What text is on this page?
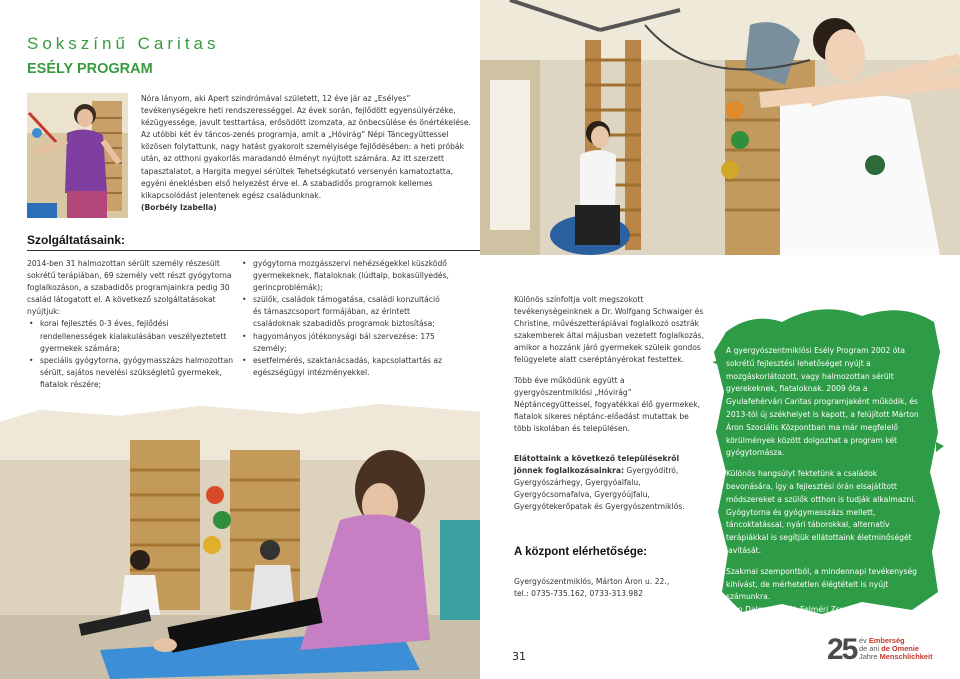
Sokszínű Caritas
ESÉLY PROGRAM

Nóra lányom, aki Apert szindrómával született, 12 éve jár az „Esélyes” tevékenységekre heti rendszerességgel. Az évek során, fejlődött egyensúlyérzéke, kézügyessége, javult testtartása, erősödött izomzata, az önbecsülése és önértékelése. Az utóbbi két év táncos-zenés programja, amit a „Hóvirág” Népi Táncegyüttessel közösen folytattunk, nagy hatást gyakorolt személyisége fejlődésében: a heti próbák után, az otthoni gyakorlás maradandó élményt nyújtott számára. Az itt szerzett tapasztalatot, a Hargita megyei sérültek Tehetségkutató versenyén kamatoztatta, egyéni éneklésben első helyezést érve el. A szabadidős programok kellemes kikapcsolódást jelentenek egész családunknak.

(Borbély Izabella)

Szolgáltatásaink:

2014-ben 31 halmozottan sérült személy részesült sokrétű terápiában, 69 személy vett részt gyógytorna foglalkozáson, a szabadidős programjainkra pedig 30 család látogatott el. A következő szolgáltatásokat nyújtjuk:

• korai fejlesztés 0-3 éves, fejlődési rendellenességek kialakulásában veszélyeztetett gyermekek számára;
• speciális gyógytorna, gyógymasszázs halmozottan sérült, sajátos nevelési szükségletű gyermekek, fiatalok részére;
• gyógytorna mozgásszervi nehézségekkel küszködő gyermekeknek, fiataloknak (lúdtalp, bokasüllyedés, gerincproblémák);
• szülők, családok támogatása, családi konzultáció és támaszcsoport formájában, az érintett családoknak szabadidős programok biztosítása;
• hagyományos jótékonysági bál szervezése: 175 személy;
• esetfelmérés, szaktanácsadás, kapcsolattartás az egészségügyi intézményekkel.

Különös színfoltja volt megszokott tevékenységeinknek a Dr. Wolfgang Schwaiger és Christine, művészetterápiával foglalkozó osztrák szakemberek által májusban vezetett foglalkozás, amikor a hozzánk járó gyermekek szüleik gondos felügyelete alatt cseréptányérokat festettek.

Több éve működünk együtt a gyergyószentmiklósi „Hóvirág” Néptáncegyüttessel, fogyatékkal élő gyermekek, fiatalok sikeres néptánc-előadást mutattak be több iskolában és településen.

Elátottaink a következő településekről jönnek foglalkozásainkra: Gyergyóditró, Gyergyószárhegy, Gyergyóalfalu, Gyergyócsomafalva, Gyergyóújfalu, Gyergyótekerőpatak és Gyergyószentmiklós.

A központ elérhetősége:
Gyergyószentmiklós, Márton Áron u. 22.,
tel.: 0735-735.162, 0733-313.982
31

A gyergyószentmiklósi Esély Program 2002 óta sokrétű fejlesztési lehetőséget nyújt a mozgáskorlátozott, vagy halmozottan sérült gyerekeknek, fiataloknak. 2009 óta a Gyulafehérvári Caritas programjaként működik, és 2013-tól új székhelyet is kapott, a felújított Márton Áron Szociális Központban ma már megfelelő körülmények között dolgozhat a program két gyógytornásza.

Különös hangsúlyt fektetünk a családok bevonására, így a fejlesztési órán elsajátított módszereket a szülők otthon is tudják alkalmazni. Gyógytorna és gyógymasszázs mellett, táncoktatással, nyári táborokkal, alternatív terápiákkal is segítjük ellátottaink életminőségét javítását.

Szakmai szempontból, a mindennapi tevékenység kihívást, de mérhetetlen élégtételt is nyújt számunkra.
(Pop Dalma, Pupák Felméri Zsusza)

25 év Emberség
de ani de Omenie
Jahre Menschlichkeit
